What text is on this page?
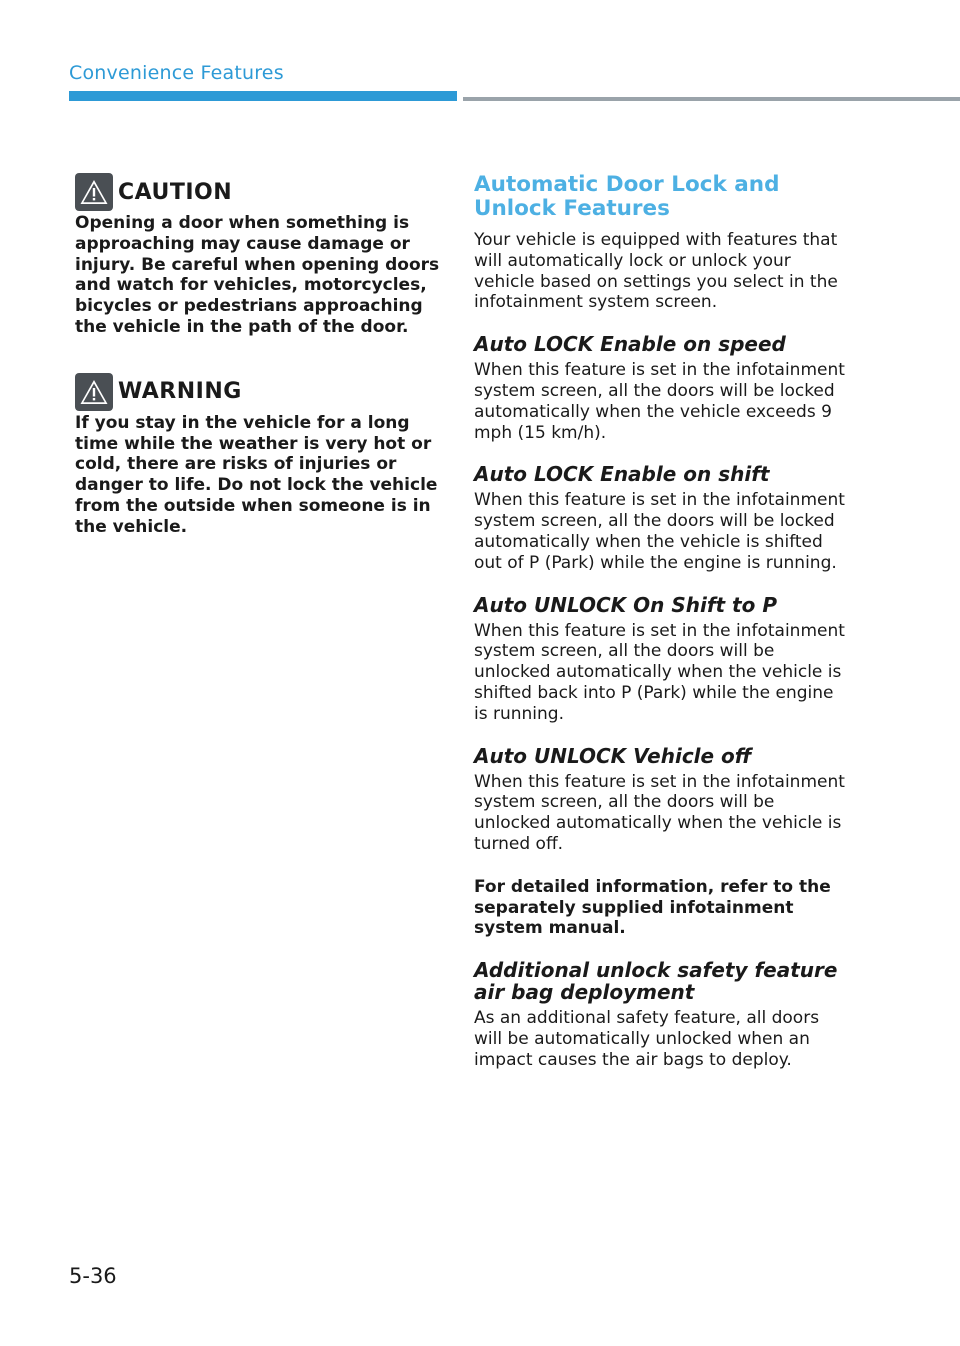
Convenience Features
CAUTION

Opening a door when something is approaching may cause damage or injury. Be careful when opening doors and watch for vehicles, motorcycles, bicycles or pedestrians approaching the vehicle in the path of the door.

WARNING

If you stay in the vehicle for a long time while the weather is very hot or cold, there are risks of injuries or danger to life. Do not lock the vehicle from the outside when someone is in the vehicle.

Automatic Door Lock and Unlock Features

Your vehicle is equipped with features that will automatically lock or unlock your vehicle based on settings you select in the infotainment system screen.

Auto LOCK Enable on speed

When this feature is set in the infotainment system screen, all the doors will be locked automatically when the vehicle exceeds 9 mph (15 km/h).

Auto LOCK Enable on shift

When this feature is set in the infotainment system screen, all the doors will be locked automatically when the vehicle is shifted out of P (Park) while the engine is running.

Auto UNLOCK On Shift to P

When this feature is set in the infotainment system screen, all the doors will be unlocked automatically when the vehicle is shifted back into P (Park) while the engine is running.

Auto UNLOCK Vehicle off

When this feature is set in the infotainment system screen, all the doors will be unlocked automatically when the vehicle is turned off.

For detailed information, refer to the separately supplied infotainment system manual.

Additional unlock safety feature air bag deployment

As an additional safety feature, all doors will be automatically unlocked when an impact causes the air bags to deploy.

5-36
